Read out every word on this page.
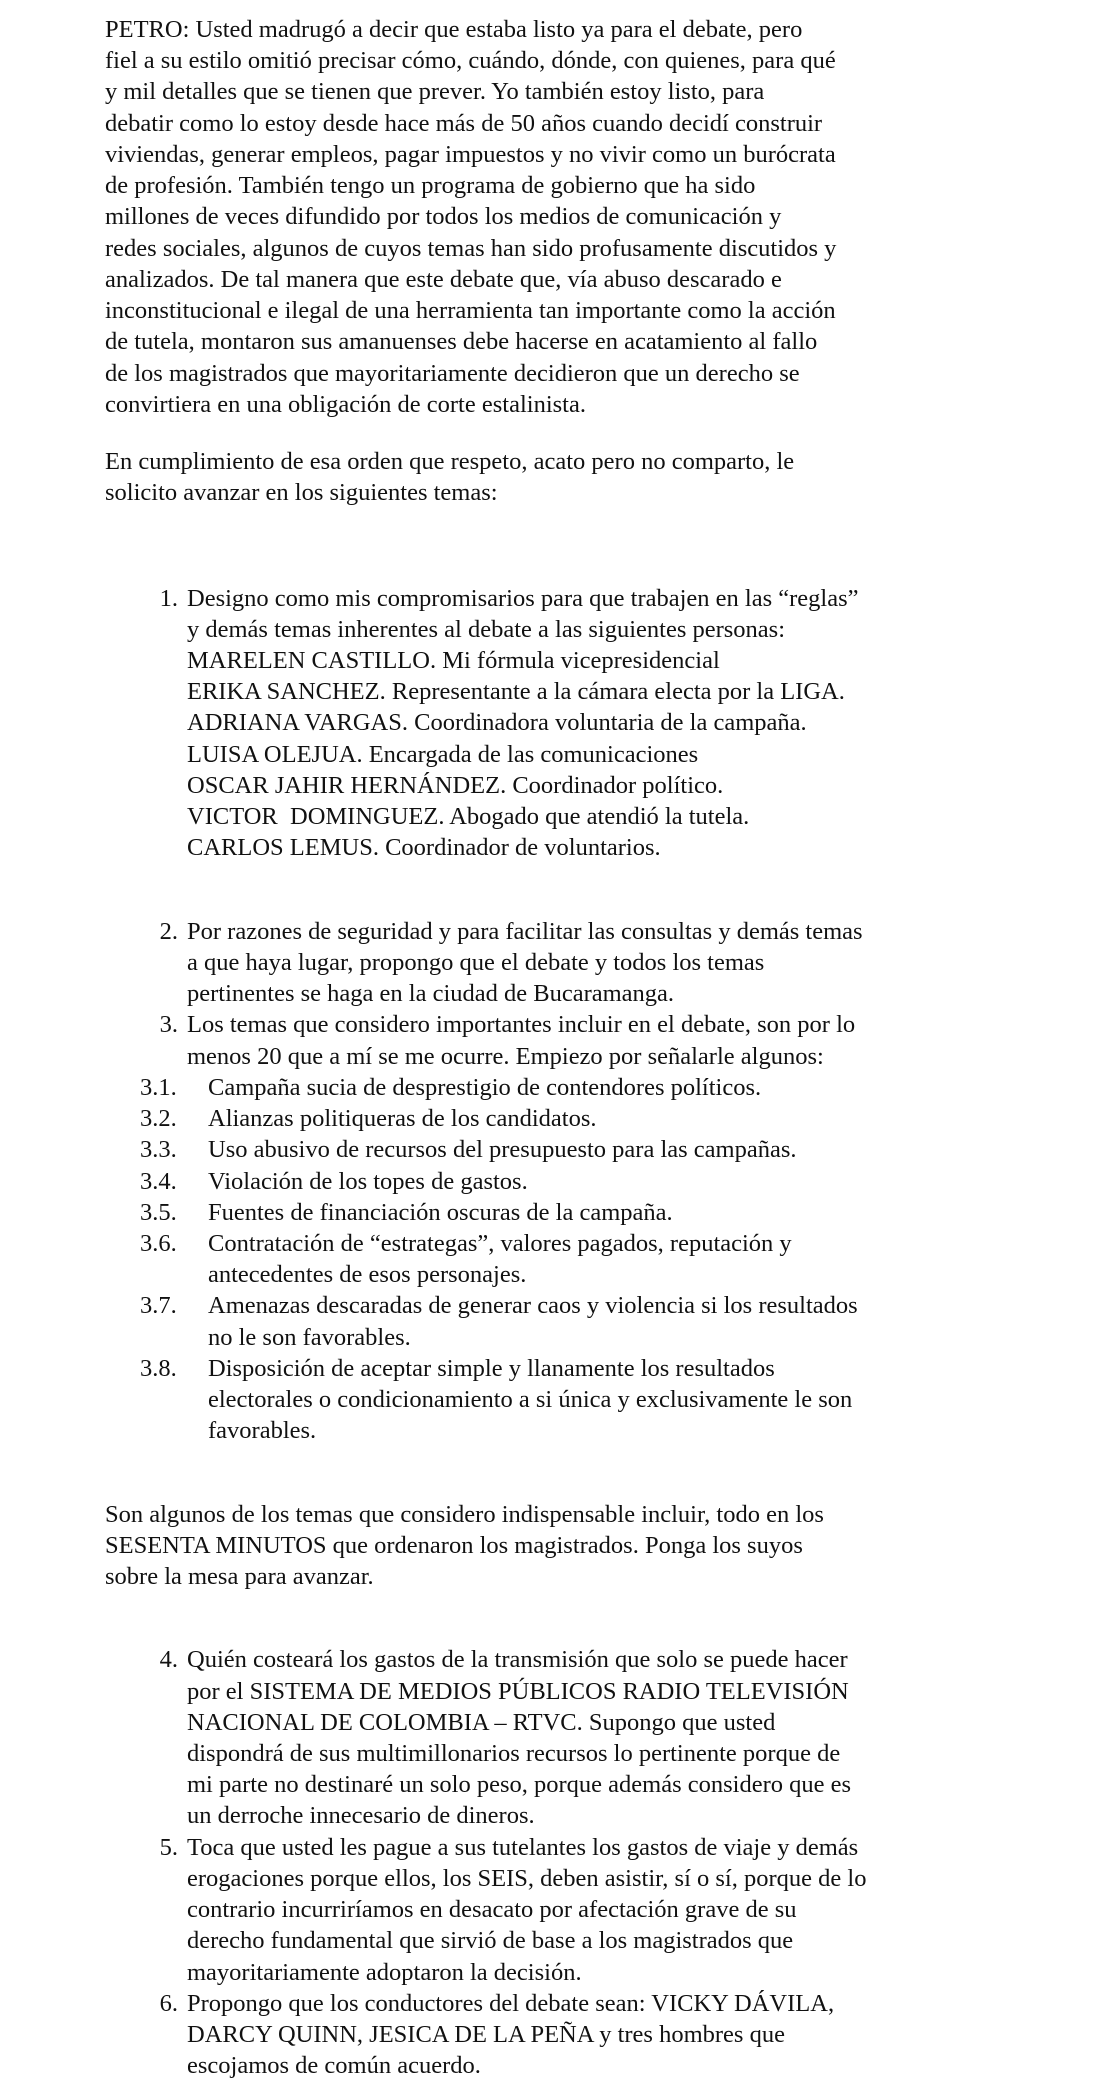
PETRO: Usted madrugó a decir que estaba listo ya para el debate, pero
fiel a su estilo omitió precisar cómo, cuándo, dónde, con quienes, para qué
y mil detalles que se tienen que prever. Yo también estoy listo, para
debatir como lo estoy desde hace más de 50 años cuando decidí construir
viviendas, generar empleos, pagar impuestos y no vivir como un burócrata
de profesión. También tengo un programa de gobierno que ha sido
millones de veces difundido por todos los medios de comunicación y
redes sociales, algunos de cuyos temas han sido profusamente discutidos y
analizados. De tal manera que este debate que, vía abuso descarado e
inconstitucional e ilegal de una herramienta tan importante como la acción
de tutela, montaron sus amanuenses debe hacerse en acatamiento al fallo
de los magistrados que mayoritariamente decidieron que un derecho se
convirtiera en una obligación de corte estalinista.

En cumplimiento de esa orden que respeto, acato pero no comparto, le
solicito avanzar en los siguientes temas:

1. Designo como mis compromisarios para que trabajen en las “reglas”
y demás temas inherentes al debate a las siguientes personas:
MARELEN CASTILLO. Mi fórmula vicepresidencial
ERIKA SANCHEZ. Representante a la cámara electa por la LIGA.
ADRIANA VARGAS. Coordinadora voluntaria de la campaña.
LUISA OLEJUA. Encargada de las comunicaciones
OSCAR JAHIR HERNÁNDEZ. Coordinador político.
VICTOR  DOMINGUEZ. Abogado que atendió la tutela.
CARLOS LEMUS. Coordinador de voluntarios.
2. Por razones de seguridad y para facilitar las consultas y demás temas
a que haya lugar, propongo que el debate y todos los temas
pertinentes se haga en la ciudad de Bucaramanga.
3. Los temas que considero importantes incluir en el debate, son por lo
menos 20 que a mí se me ocurre. Empiezo por señalarle algunos:
3.1.	Campaña sucia de desprestigio de contendores políticos.
3.2.	Alianzas politiqueras de los candidatos.
3.3.	Uso abusivo de recursos del presupuesto para las campañas.
3.4.	Violación de los topes de gastos.
3.5.	Fuentes de financiación oscuras de la campaña.
3.6.	Contratación de “estrategas”, valores pagados, reputación y
antecedentes de esos personajes.
3.7.	Amenazas descaradas de generar caos y violencia si los resultados
no le son favorables.
3.8.	Disposición de aceptar simple y llanamente los resultados
electorales o condicionamiento a si única y exclusivamente le son
favorables.

Son algunos de los temas que considero indispensable incluir, todo en los
SESENTA MINUTOS que ordenaron los magistrados. Ponga los suyos
sobre la mesa para avanzar.

4. Quién costeará los gastos de la transmisión que solo se puede hacer
por el SISTEMA DE MEDIOS PÚBLICOS RADIO TELEVISIÓN
NACIONAL DE COLOMBIA – RTVC. Supongo que usted
dispondrá de sus multimillonarios recursos lo pertinente porque de
mi parte no destinaré un solo peso, porque además considero que es
un derroche innecesario de dineros.
5. Toca que usted les pague a sus tutelantes los gastos de viaje y demás
erogaciones porque ellos, los SEIS, deben asistir, sí o sí, porque de lo
contrario incurriríamos en desacato por afectación grave de su
derecho fundamental que sirvió de base a los magistrados que
mayoritariamente adoptaron la decisión.
6. Propongo que los conductores del debate sean: VICKY DÁVILA,
DARCY QUINN, JESICA DE LA PEÑA y tres hombres que
escojamos de común acuerdo.
